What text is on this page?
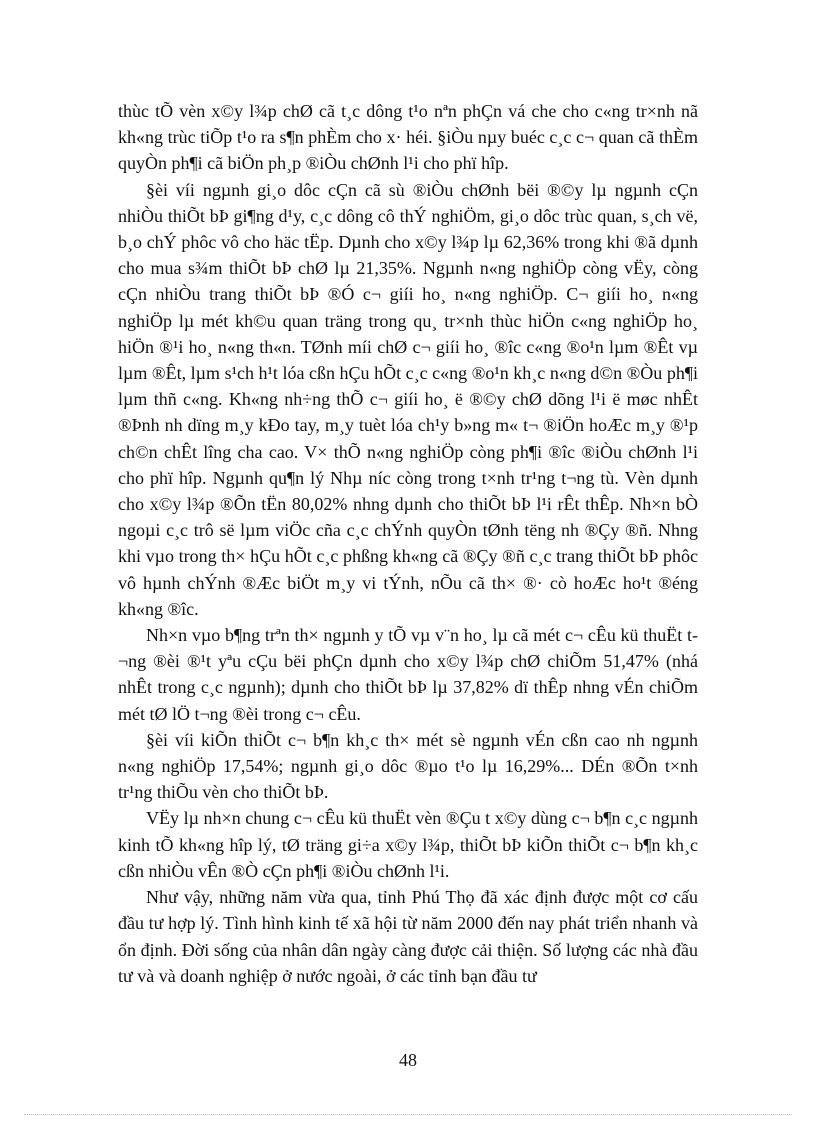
thùc tÕ vèn x©y l¾p chØ cã t¸c dông t¹o nªn phÇn vá che cho c«ng tr×nh nã kh«ng trùc tiÕp t¹o ra s¶n phÈm cho x· héi. §iÒu nµy buéc c¸c c¬ quan cã thÈm quyÒn ph¶i cã biÖn ph¸p ®iÒu chØnh l¹i cho phï hîp.

§èi víi ngµnh gi¸o dôc cÇn cã sù ®iÒu chØnh bëi ®©y lµ ngµnh cÇn nhiÒu thiÕt bÞ gi¶ng d¹y, c¸c dông cô thÝ nghiÖm, gi¸o dôc trùc quan, s¸ch vë, b¸o chÝ phôc vô cho häc tËp. Dµnh cho x©y l¾p lµ 62,36% trong khi ®ã dµnh cho mua s¾m thiÕt bÞ chØ lµ 21,35%. Ngµnh n«ng nghiÖp còng vËy, còng cÇn nhiÒu trang thiÕt bÞ ®Ó c¬ giíi ho¸ n«ng nghiÖp. C¬ giíi ho¸ n«ng nghiÖp lµ mét kh©u quan träng trong qu¸ tr×nh thùc hiÖn c«ng nghiÖp ho¸ hiÖn ®¹i ho¸ n«ng th«n. TØnh míi chØ c¬ giíi ho¸ ®îc c«ng ®o¹n lµm ®Êt vµ lµm ®Êt, lµm s¹ch h¹t lóa cßn hÇu hÕt c¸c c«ng ®o¹n kh¸c n«ng d©n ®Òu ph¶i lµm thñ c«ng. Kh«ng nh÷ng thÕ c¬ giíi ho¸ ë ®©y chØ dõng l¹i ë møc nhÊt ®Þnh nh dïng m¸y kÐo tay, m¸y tuèt lóa ch¹y b»ng m« t¬ ®iÖn hoÆc m¸y ®¹p ch©n chÊt lîng cha cao. V× thÕ n«ng nghiÖp còng ph¶i ®îc ®iÒu chØnh l¹i cho phï hîp. Ngµnh qu¶n lý Nhµ níc còng trong t×nh tr¹ng t¬ng tù. Vèn dµnh cho x©y l¾p ®Õn tËn 80,02% nhng dµnh cho thiÕt bÞ l¹i rÊt thÊp. Nh×n bÒ ngoµi c¸c trô së lµm viÖc cña c¸c chÝnh quyÒn tØnh tëng nh ®Çy ®ñ. Nhng khi vµo trong th× hÇu hÕt c¸c phßng kh«ng cã ®Çy ®ñ c¸c trang thiÕt bÞ phôc vô hµnh chÝnh ®Æc biÖt m¸y vi tÝnh, nÕu cã th× ®· cò hoÆc ho¹t ®éng kh«ng ®îc.

Nh×n vµo b¶ng trªn th× ngµnh y tÕ vµ v¨n ho¸ lµ cã mét c¬ cÊu kü thuËt t¬ng ®èi ®¹t yªu cÇu bëi phÇn dµnh cho x©y l¾p chØ chiÕm 51,47% (nhá nhÊt trong c¸c ngµnh); dµnh cho thiÕt bÞ lµ 37,82% dï thÊp nhng vÉn chiÕm mét tØ lÖ t¬ng ®èi trong c¬ cÊu.

§èi víi kiÕn thiÕt c¬ b¶n kh¸c th× mét sè ngµnh vÉn cßn cao nh ngµnh n«ng nghiÖp 17,54%; ngµnh gi¸o dôc ®µo t¹o lµ 16,29%... DÉn ®Õn t×nh tr¹ng thiÕu vèn cho thiÕt bÞ.

VËy lµ nh×n chung c¬ cÊu kü thuËt vèn ®Çu t x©y dùng c¬ b¶n c¸c ngµnh kinh tÕ kh«ng hîp lý, tØ träng gi÷a x©y l¾p, thiÕt bÞ kiÕn thiÕt c¬ b¶n kh¸c cßn nhiÒu vÊn ®Ò cÇn ph¶i ®iÒu chØnh l¹i.

Như vậy, những năm vừa qua, tỉnh Phú Thọ đã xác định được một cơ cấu đầu tư hợp lý. Tình hình kinh tế xã hội từ năm 2000 đến nay phát triển nhanh và ổn định. Đời sống của nhân dân ngày càng được cải thiện. Số lượng các nhà đầu tư và và doanh nghiệp ở nước ngoài, ở các tỉnh bạn đầu tư

48
